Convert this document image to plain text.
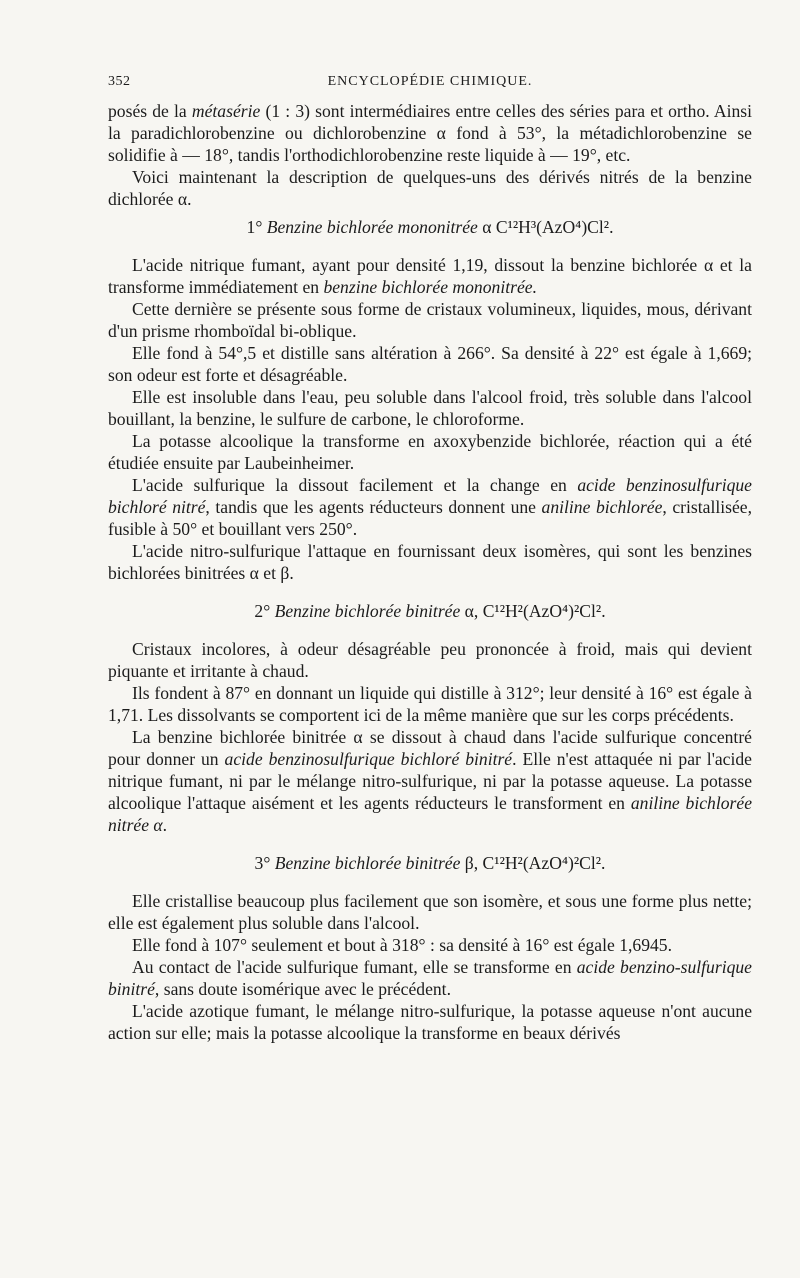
352	ENCYCLOPÉDIE CHIMIQUE.

posés de la métasérie (1 : 3) sont intermédiaires entre celles des séries para et ortho. Ainsi la paradichlorobenzine ou dichlorobenzine α fond à 53°, la métadichlorobenzine se solidifie à — 18°, tandis l'orthodichlorobenzine reste liquide à — 19°, etc.

Voici maintenant la description de quelques-uns des dérivés nitrés de la benzine dichlorée α.

1° Benzine bichlorée mononitrée α C¹²H³(AzO⁴)Cl².

L'acide nitrique fumant, ayant pour densité 1,19, dissout la benzine bichlorée α et la transforme immédiatement en benzine bichlorée mononitrée.

Cette dernière se présente sous forme de cristaux volumineux, liquides, mous, dérivant d'un prisme rhomboïdal bi-oblique.

Elle fond à 54°,5 et distille sans altération à 266°. Sa densité à 22° est égale à 1,669; son odeur est forte et désagréable.

Elle est insoluble dans l'eau, peu soluble dans l'alcool froid, très soluble dans l'alcool bouillant, la benzine, le sulfure de carbone, le chloroforme.

La potasse alcoolique la transforme en axoxybenzide bichlorée, réaction qui a été étudiée ensuite par Laubeinheimer.

L'acide sulfurique la dissout facilement et la change en acide benzinosulfurique bichloré nitré, tandis que les agents réducteurs donnent une aniline bichlorée, cristallisée, fusible à 50° et bouillant vers 250°.

L'acide nitro-sulfurique l'attaque en fournissant deux isomères, qui sont les benzines bichlorées binitrées α et β.

2° Benzine bichlorée binitrée α, C¹²H²(AzO⁴)²Cl².

Cristaux incolores, à odeur désagréable peu prononcée à froid, mais qui devient piquante et irritante à chaud.

Ils fondent à 87° en donnant un liquide qui distille à 312°; leur densité à 16° est égale à 1,71. Les dissolvants se comportent ici de la même manière que sur les corps précédents.

La benzine bichlorée binitrée α se dissout à chaud dans l'acide sulfurique concentré pour donner un acide benzinosulfurique bichloré binitré. Elle n'est attaquée ni par l'acide nitrique fumant, ni par le mélange nitro-sulfurique, ni par la potasse aqueuse. La potasse alcoolique l'attaque aisément et les agents réducteurs le transforment en aniline bichlorée nitrée α.

3° Benzine bichlorée binitrée β, C¹²H²(AzO⁴)²Cl².

Elle cristallise beaucoup plus facilement que son isomère, et sous une forme plus nette; elle est également plus soluble dans l'alcool.

Elle fond à 107° seulement et bout à 318° : sa densité à 16° est égale 1,6945.

Au contact de l'acide sulfurique fumant, elle se transforme en acide benzino-sulfurique binitré, sans doute isomérique avec le précédent.

L'acide azotique fumant, le mélange nitro-sulfurique, la potasse aqueuse n'ont aucune action sur elle; mais la potasse alcoolique la transforme en beaux dérivés
